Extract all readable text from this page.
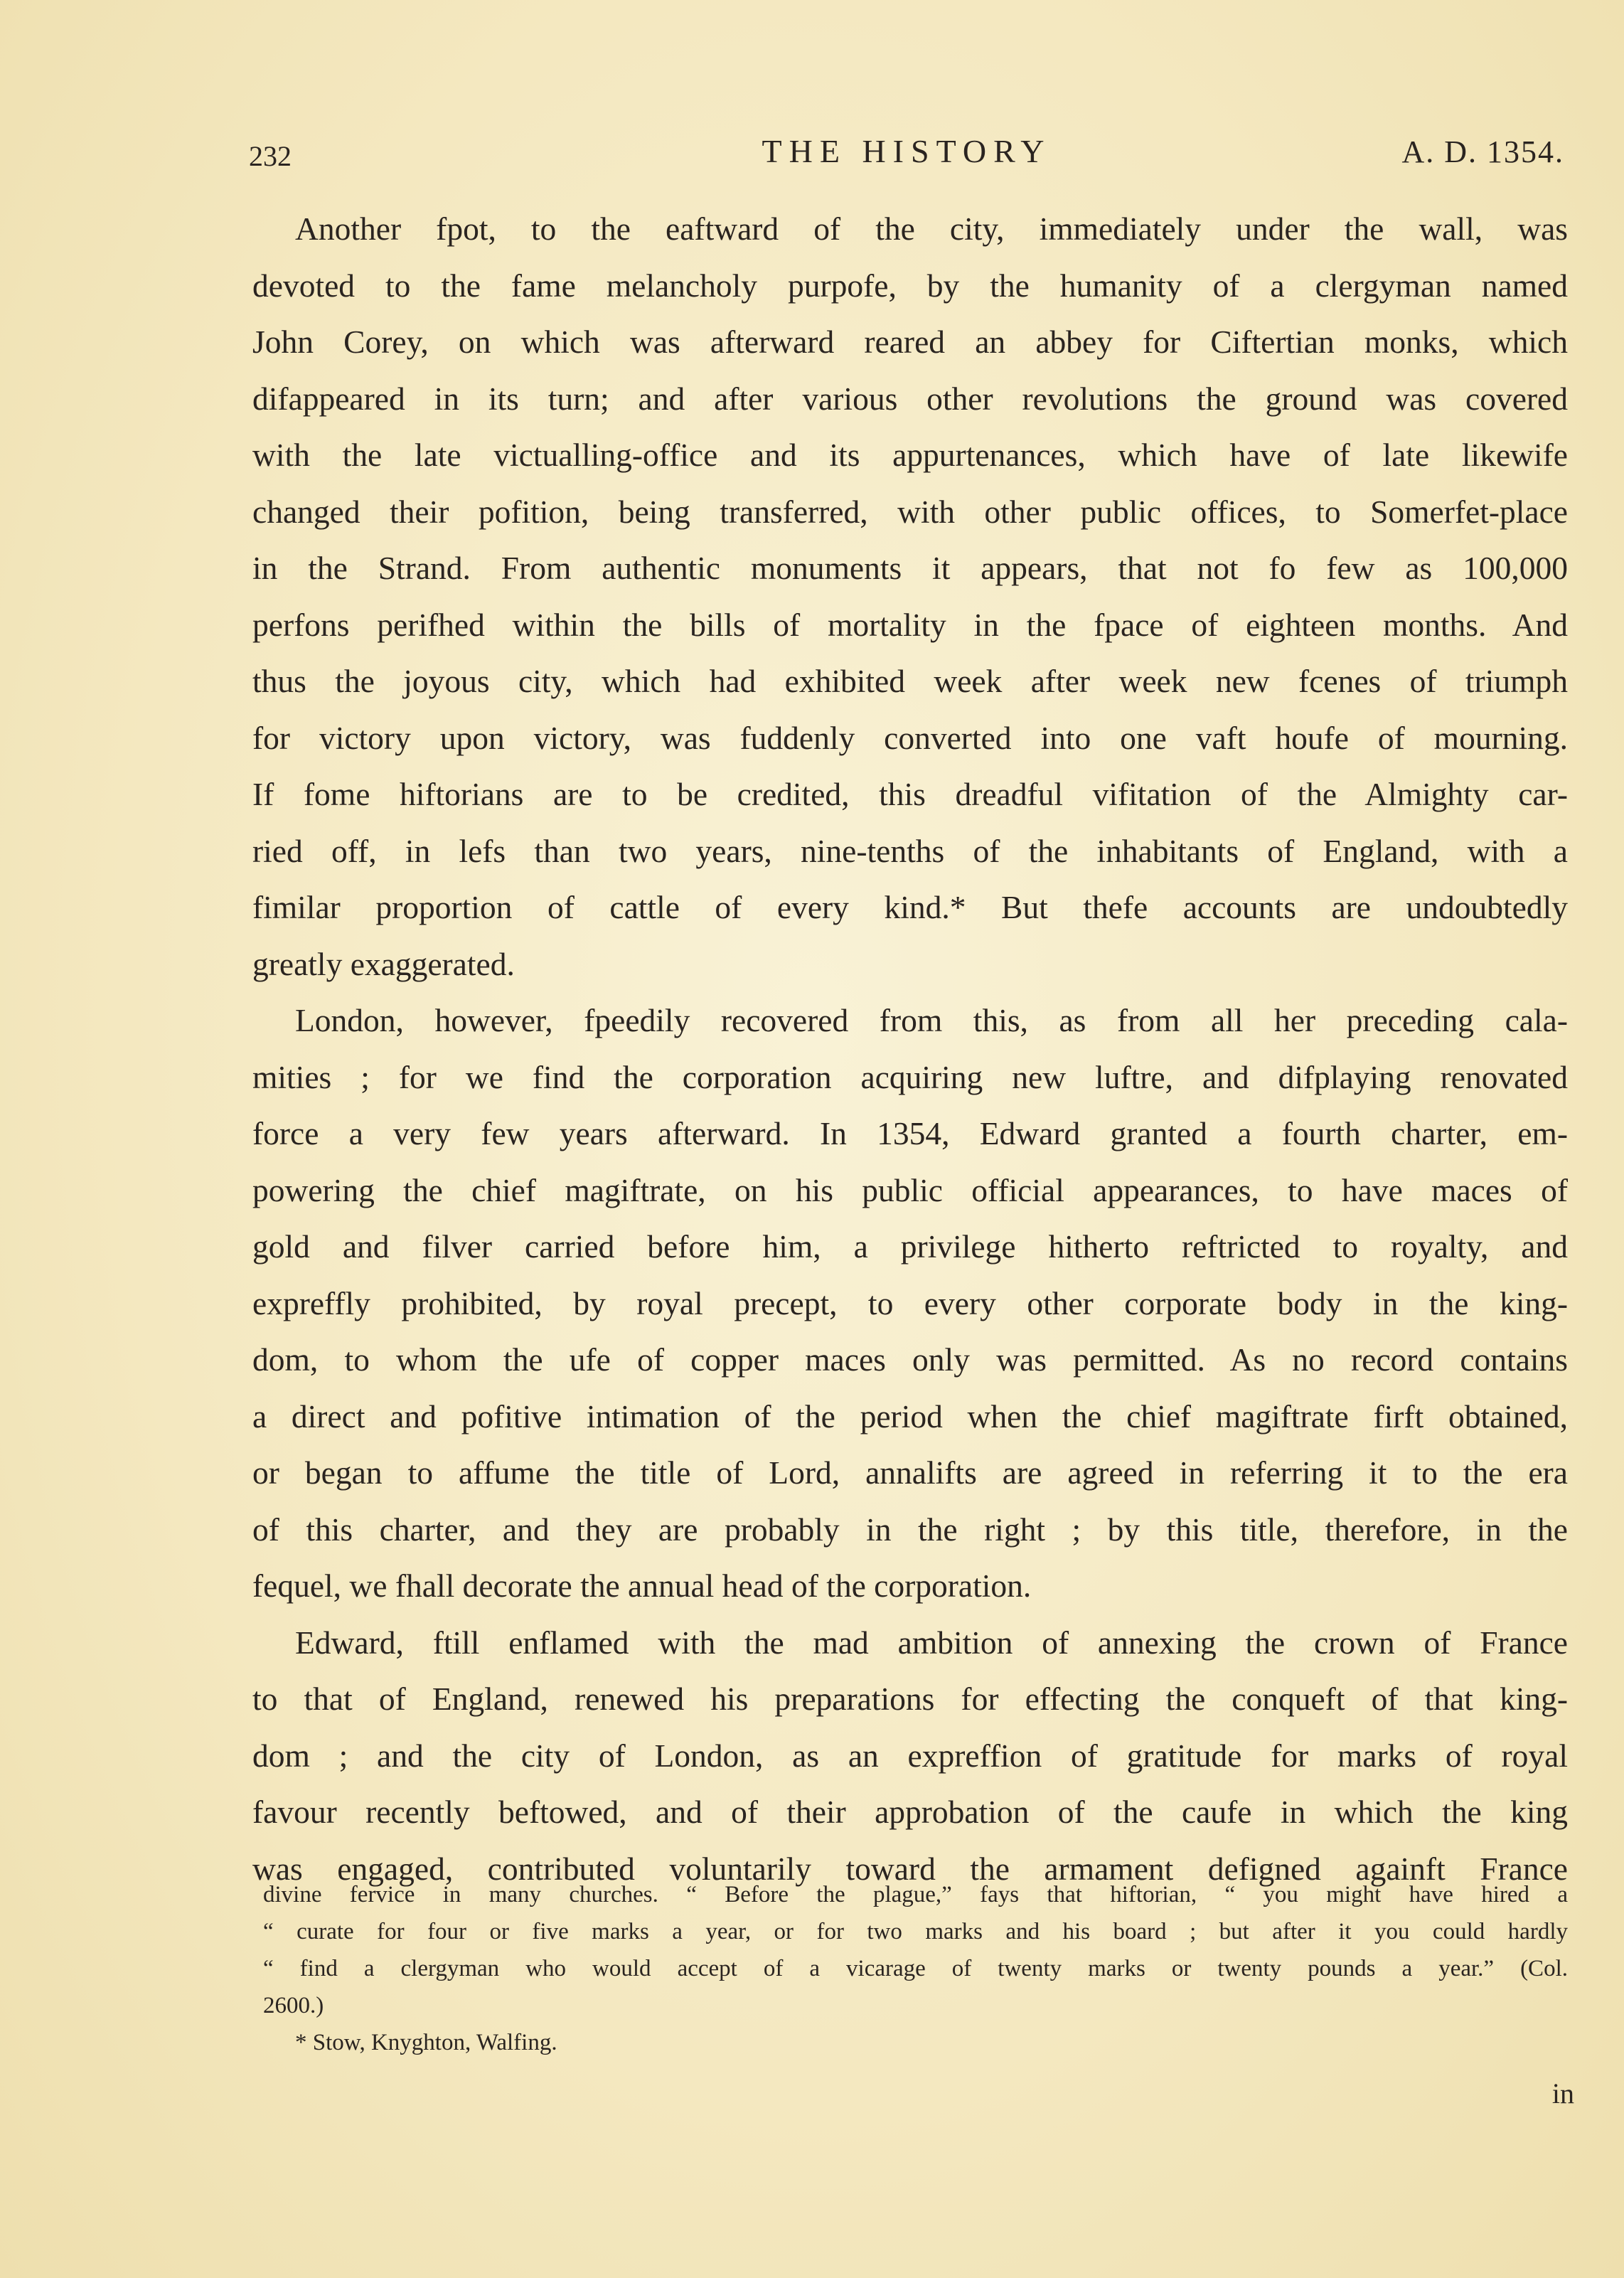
232	THE HISTORY	A. D. 1354.
Another fpot, to the eaftward of the city, immediately under the wall, was
devoted to the fame melancholy purpofe, by the humanity of a clergyman named
John Corey, on which was afterward reared an abbey for Ciftertian monks, which
difappeared in its turn; and after various other revolutions the ground was covered
with the late victualling-office and its appurtenances, which have of late likewife
changed their pofition, being transferred, with other public offices, to Somerfet-place
in the Strand. From authentic monuments it appears, that not fo few as 100,000
perfons perifhed within the bills of mortality in the fpace of eighteen months. And
thus the joyous city, which had exhibited week after week new fcenes of triumph
for victory upon victory, was fuddenly converted into one vaft houfe of mourning.
If fome hiftorians are to be credited, this dreadful vifitation of the Almighty car-
ried off, in lefs than two years, nine-tenths of the inhabitants of England, with a
fimilar proportion of cattle of every kind.* But thefe accounts are undoubtedly
greatly exaggerated.
London, however, fpeedily recovered from this, as from all her preceding cala-
mities ; for we find the corporation acquiring new luftre, and difplaying renovated
force a very few years afterward. In 1354, Edward granted a fourth charter, em-
powering the chief magiftrate, on his public official appearances, to have maces of
gold and filver carried before him, a privilege hitherto reftricted to royalty, and
expreffly prohibited, by royal precept, to every other corporate body in the king-
dom, to whom the ufe of copper maces only was permitted. As no record contains
a direct and pofitive intimation of the period when the chief magiftrate firft obtained,
or began to affume the title of Lord, annalifts are agreed in referring it to the era
of this charter, and they are probably in the right ; by this title, therefore, in the
fequel, we fhall decorate the annual head of the corporation.
Edward, ftill enflamed with the mad ambition of annexing the crown of France
to that of England, renewed his preparations for effecting the conqueft of that king-
dom ; and the city of London, as an expreffion of gratitude for marks of royal
favour recently beftowed, and of their approbation of the caufe in which the king
was engaged, contributed voluntarily toward the armament defigned againft France
divine fervice in many churches. “ Before the plague,” fays that hiftorian, “ you might have hired a
“ curate for four or five marks a year, or for two marks and his board ; but after it you could hardly
“ find a clergyman who would accept of a vicarage of twenty marks or twenty pounds a year.” (Col.
2600.)
* Stow, Knyghton, Walfing.
in
